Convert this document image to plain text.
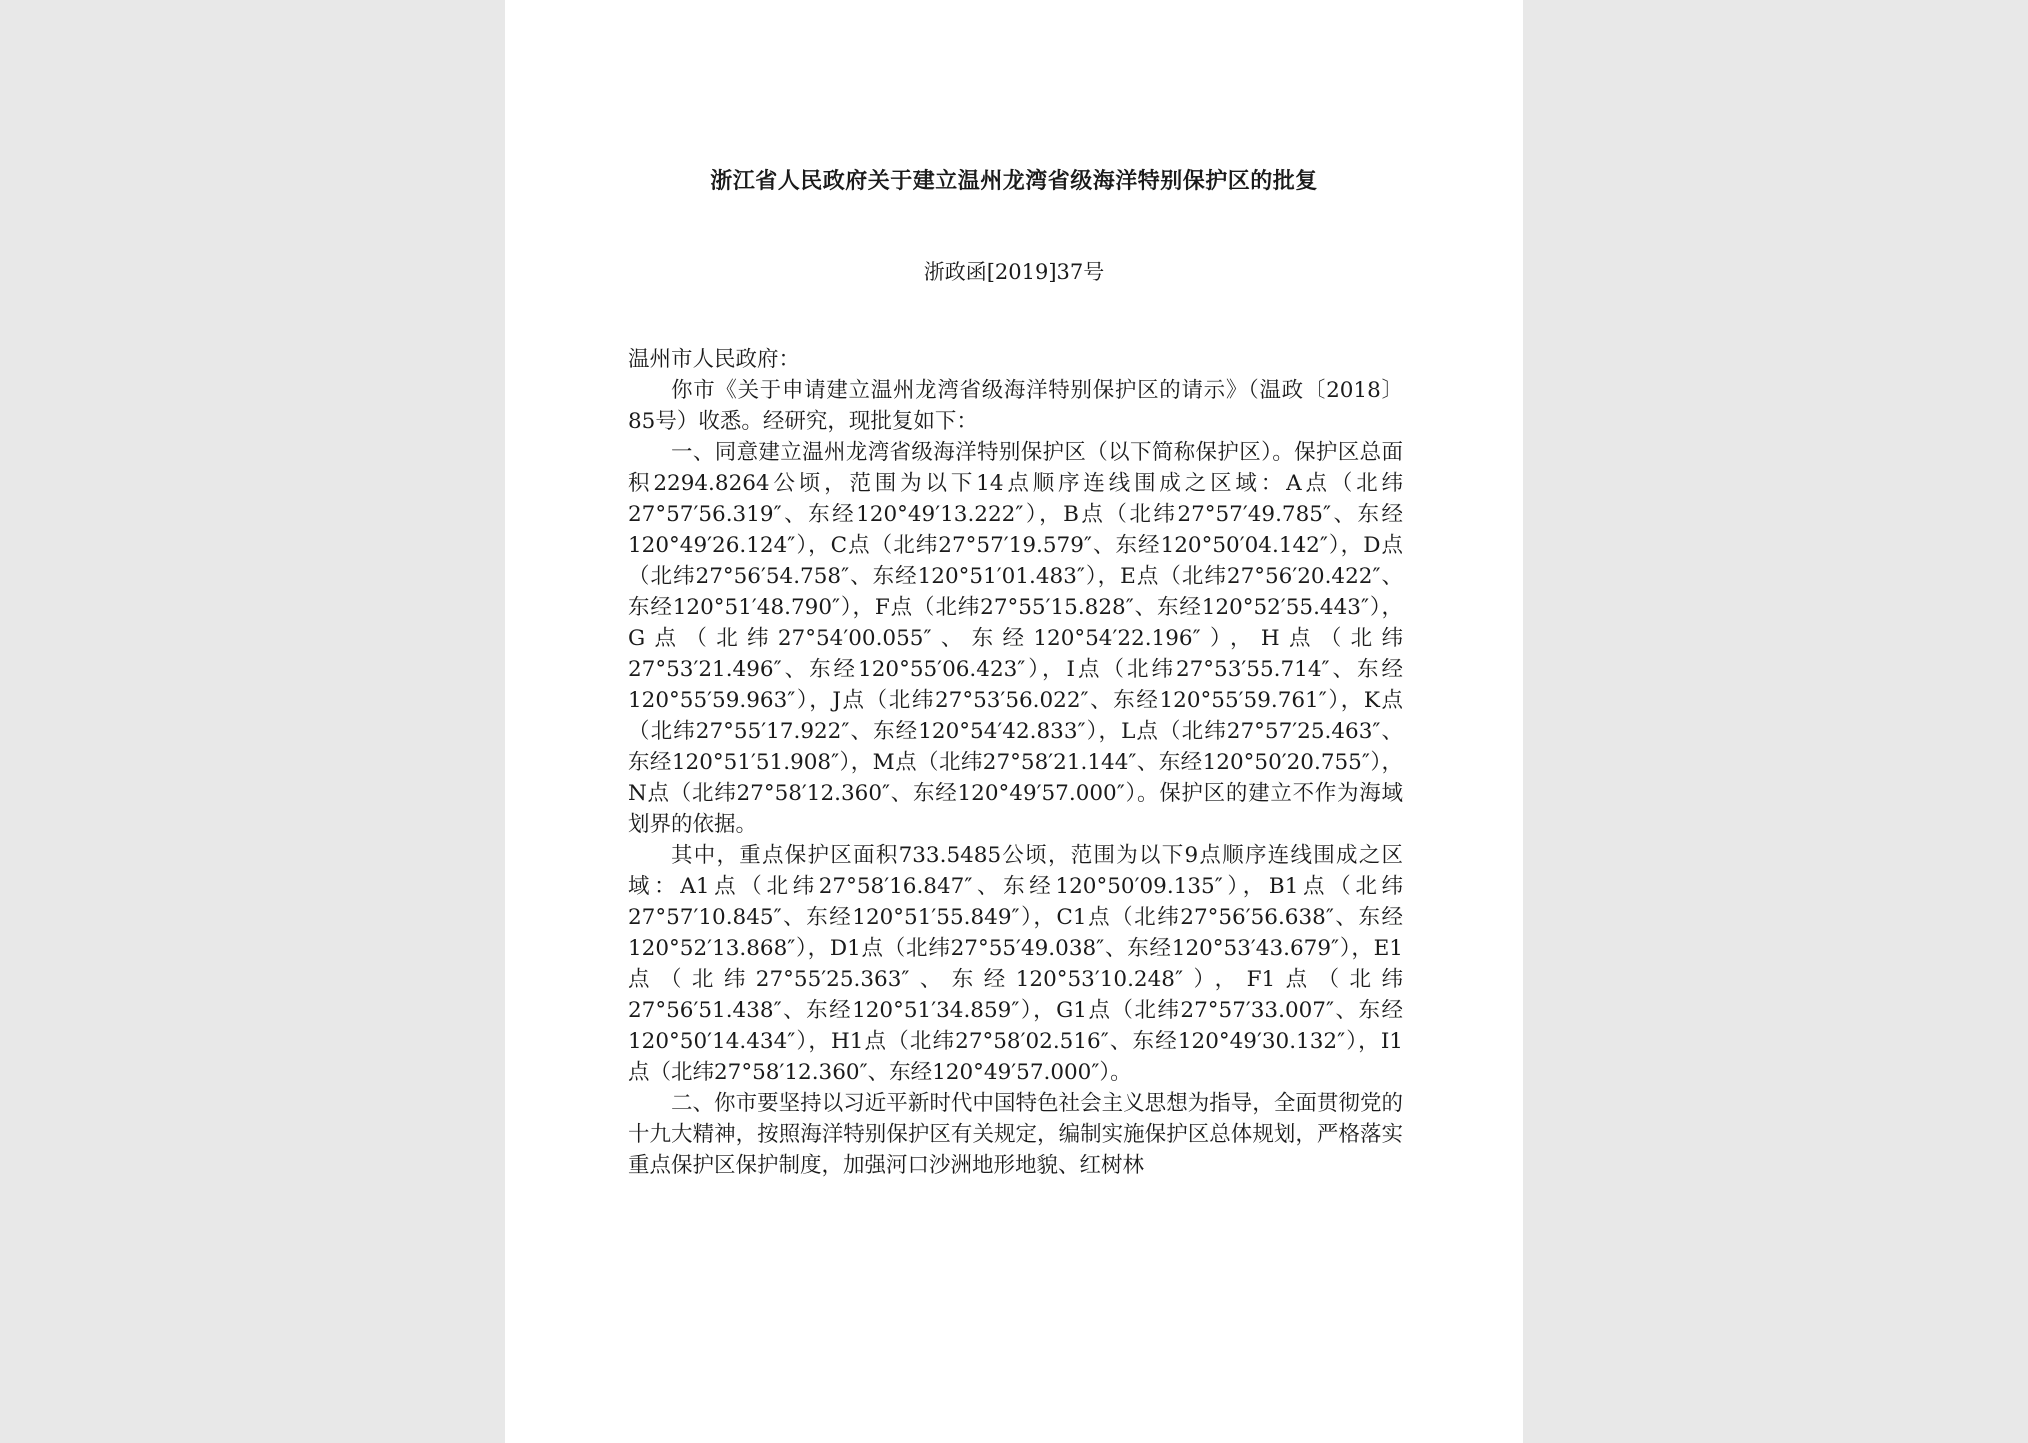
浙江省人民政府关于建立温州龙湾省级海洋特别保护区的批复
浙政函[2019]37号

温州市人民政府：

你市《关于申请建立温州龙湾省级海洋特别保护区的请示》（温政〔2018〕85号）收悉。经研究，现批复如下：

一、同意建立温州龙湾省级海洋特别保护区（以下简称保护区）。保护区总面积2294.8264公顷，范围为以下14点顺序连线围成之区域：A点（北纬27°57′56.319″、东经120°49′13.222″），B点（北纬27°57′49.785″、东经120°49′26.124″），C点（北纬27°57′19.579″、东经120°50′04.142″），D点（北纬27°56′54.758″、东经120°51′01.483″），E点（北纬27°56′20.422″、东经120°51′48.790″），F点（北纬27°55′15.828″、东经120°52′55.443″），G点（北纬27°54′00.055″、东经120°54′22.196″），H点（北纬27°53′21.496″、东经120°55′06.423″），I点（北纬27°53′55.714″、东经120°55′59.963″），J点（北纬27°53′56.022″、东经120°55′59.761″），K点（北纬27°55′17.922″、东经120°54′42.833″），L点（北纬27°57′25.463″、东经120°51′51.908″），M点（北纬27°58′21.144″、东经120°50′20.755″），N点（北纬27°58′12.360″、东经120°49′57.000″）。保护区的建立不作为海域划界的依据。

其中，重点保护区面积733.5485公顷，范围为以下9点顺序连线围成之区域：A1点（北纬27°58′16.847″、东经120°50′09.135″），B1点（北纬27°57′10.845″、东经120°51′55.849″），C1点（北纬27°56′56.638″、东经120°52′13.868″），D1点（北纬27°55′49.038″、东经120°53′43.679″），E1点（北纬27°55′25.363″、东经120°53′10.248″），F1点（北纬27°56′51.438″、东经120°51′34.859″），G1点（北纬27°57′33.007″、东经120°50′14.434″），H1点（北纬27°58′02.516″、东经120°49′30.132″），I1点（北纬27°58′12.360″、东经120°49′57.000″）。

二、你市要坚持以习近平新时代中国特色社会主义思想为指导，全面贯彻党的十九大精神，按照海洋特别保护区有关规定，编制实施保护区总体规划，严格落实重点保护区保护制度，加强河口沙洲地形地貌、红树林
